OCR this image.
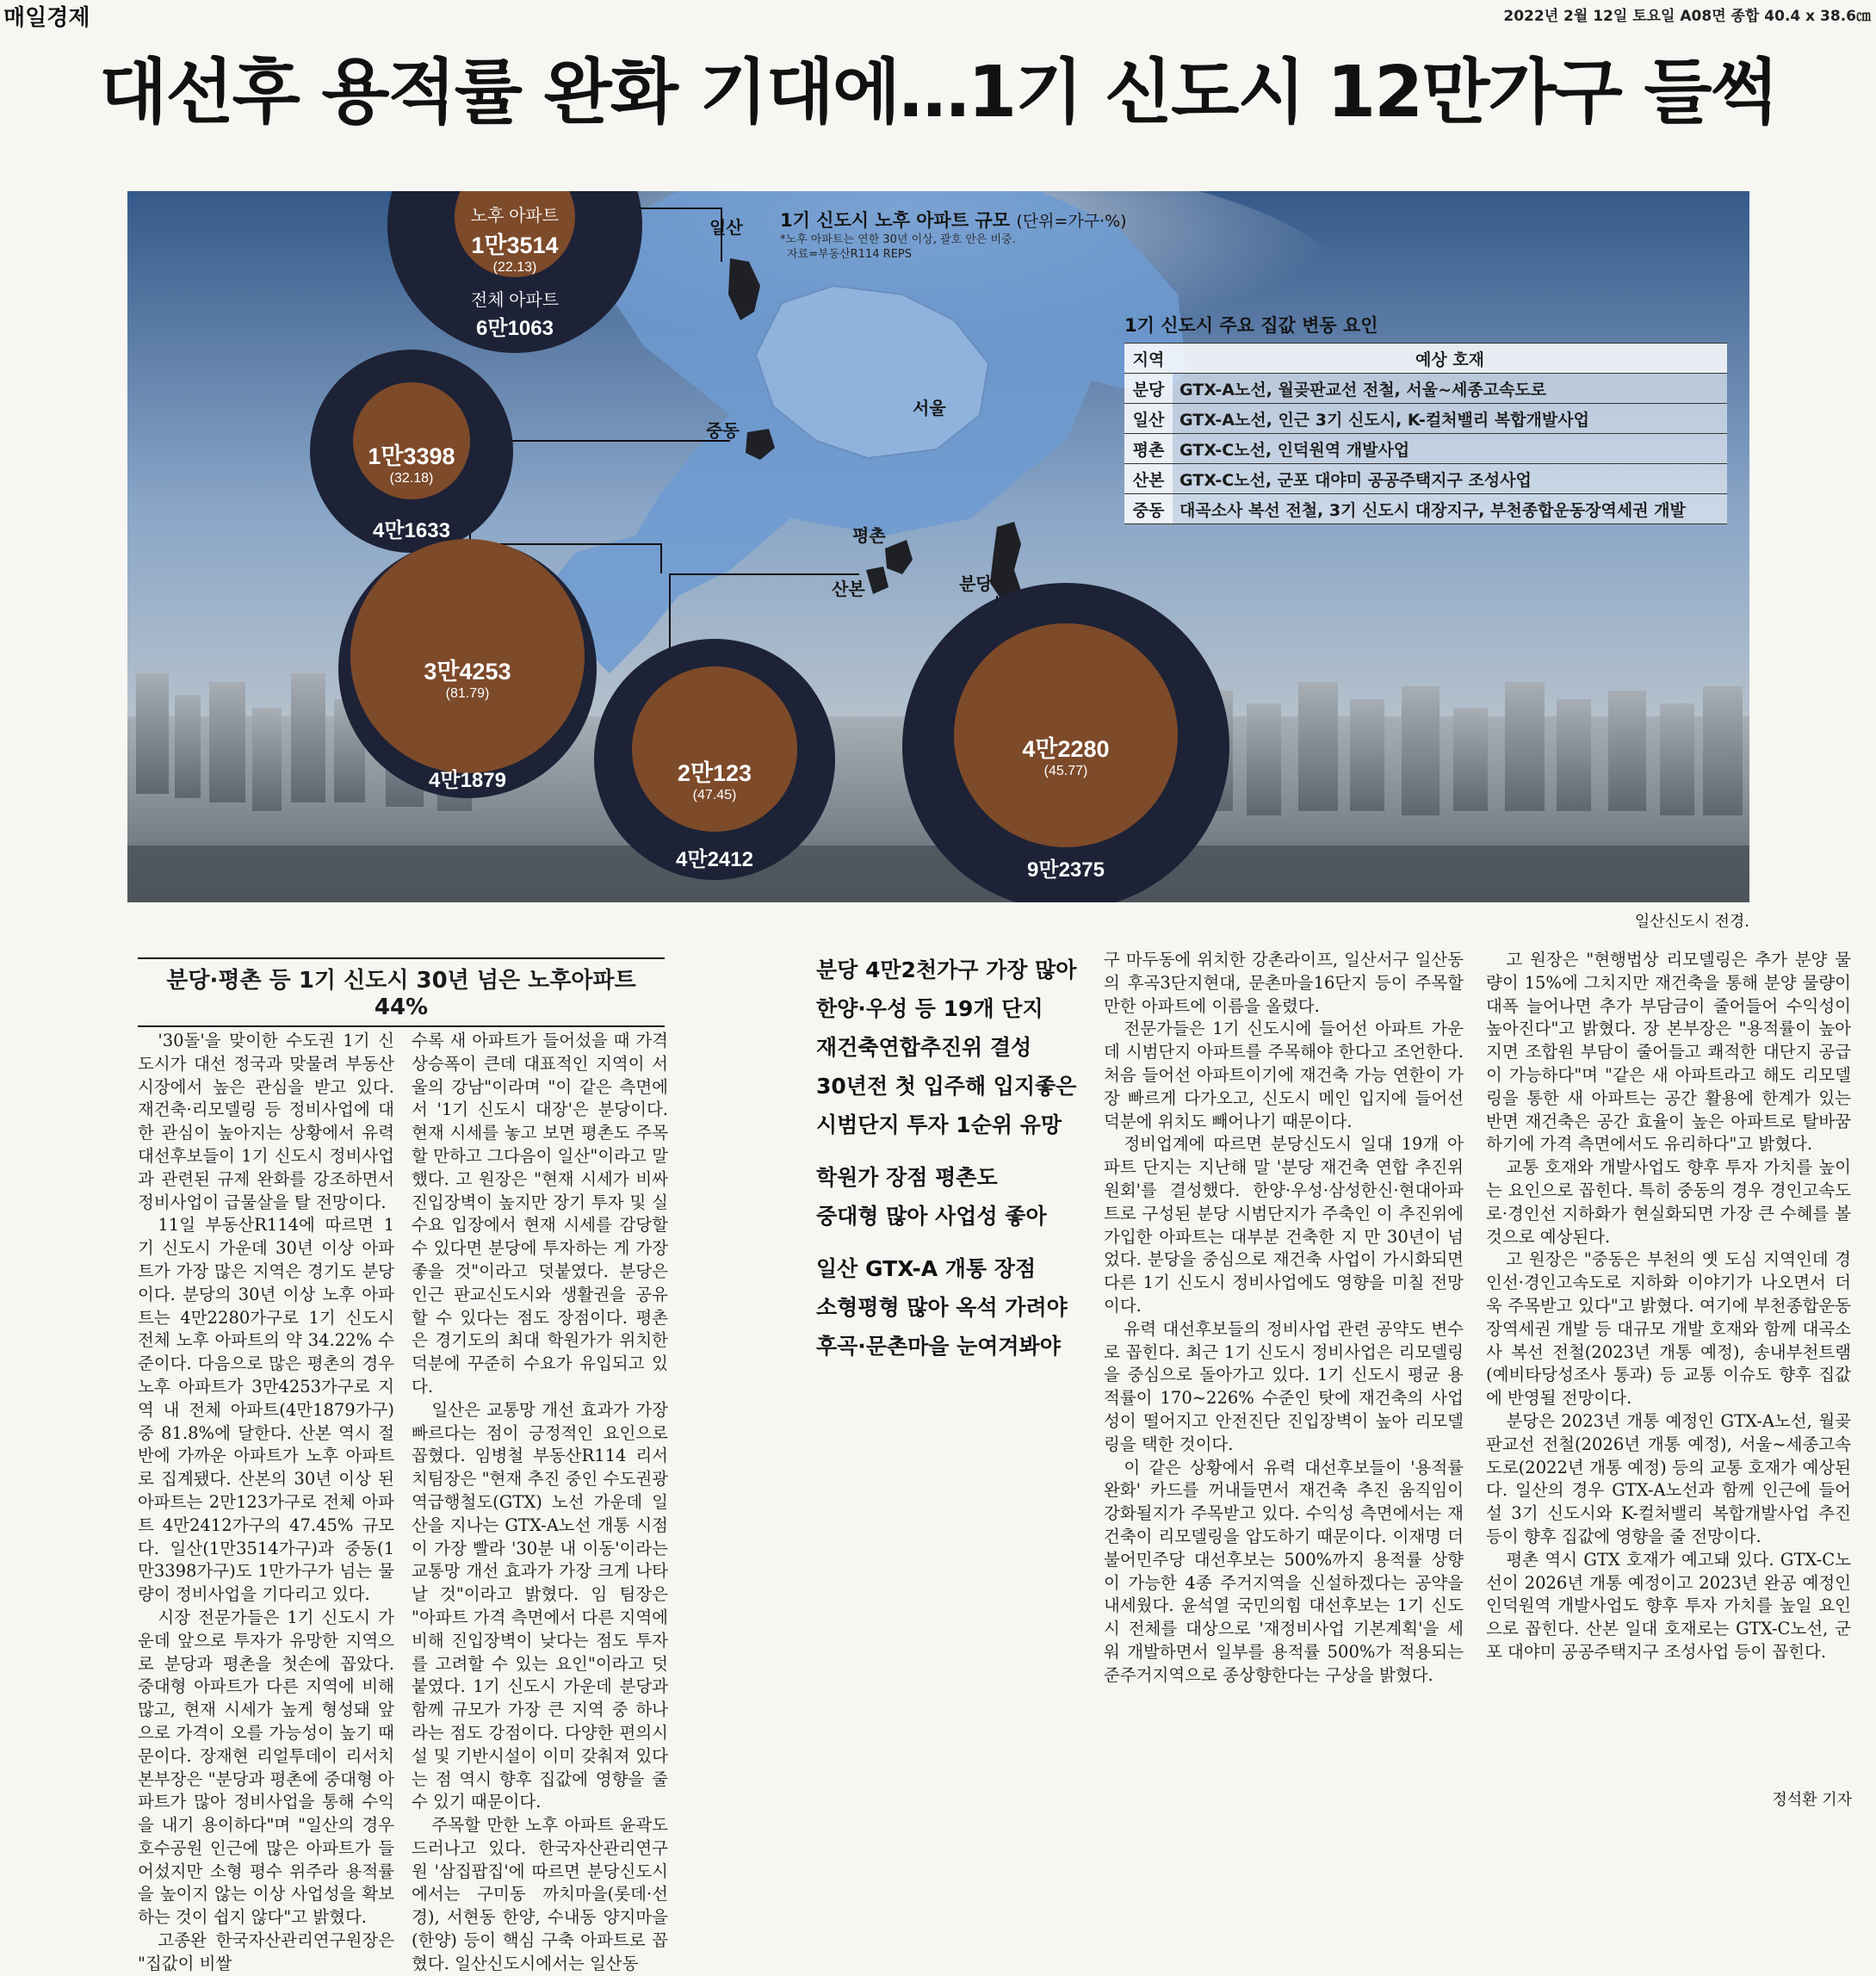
매일경제	2022년 2월 12일 토요일 A08면 종합 40.4 x 38.6㎝
대선후 용적률 완화 기대에…1기 신도시 12만가구 들썩
노후 아파트
1만3514
(22.13)
전체 아파트
6만1063
1만3398
(32.18)
4만1633
3만4253
(81.79)
4만1879	2만123
(47.45)
4만2412
4만2280
(45.77)
9만2375
일산
중동
서울
평촌
산본	분당
1기 신도시 노후 아파트 규모 (단위=가구·%)
*노후 아파트는 연한 30년 이상, 괄호 안은 비중.
자료=부동산R114 REPS
1기 신도시 주요 집값 변동 요인
지역	예상 호재
분당	GTX-A노선, 월곶판교선 전철, 서울~세종고속도로
일산	GTX-A노선, 인근 3기 신도시, K-컬처밸리 복합개발사업
평촌	GTX-C노선, 인덕원역 개발사업
산본	GTX-C노선, 군포 대야미 공공주택지구 조성사업
중동	대곡소사 복선 전철, 3기 신도시 대장지구, 부천종합운동장역세권 개발
일산신도시 전경.
분당·평촌 등 1기 신도시 30년 넘은 노후아파트 44%

'30돌'을 맞이한 수도권 1기 신도시가 대선 정국과 맞물려 부동산 시장에서 높은 관심을 받고 있다. 재건축·리모델링 등 정비사업에 대한 관심이 높아지는 상황에서 유력 대선후보들이 1기 신도시 정비사업과 관련된 규제 완화를 강조하면서 정비사업이 급물살을 탈 전망이다.

11일 부동산R114에 따르면 1기 신도시 가운데 30년 이상 아파트가 가장 많은 지역은 경기도 분당이다. 분당의 30년 이상 노후 아파트는 4만2280가구로 1기 신도시 전체 노후 아파트의 약 34.22% 수준이다. 다음으로 많은 평촌의 경우 노후 아파트가 3만4253가구로 지역 내 전체 아파트(4만1879가구) 중 81.8%에 달한다. 산본 역시 절반에 가까운 아파트가 노후 아파트로 집계됐다. 산본의 30년 이상 된 아파트는 2만123가구로 전체 아파트 4만2412가구의 47.45% 규모다. 일산(1만3514가구)과 중동(1만3398가구)도 1만가구가 넘는 물량이 정비사업을 기다리고 있다.

시장 전문가들은 1기 신도시 가운데 앞으로 투자가 유망한 지역으로 분당과 평촌을 첫손에 꼽았다. 중대형 아파트가 다른 지역에 비해 많고, 현재 시세가 높게 형성돼 앞으로 가격이 오를 가능성이 높기 때문이다. 장재현 리얼투데이 리서치본부장은 "분당과 평촌에 중대형 아파트가 많아 정비사업을 통해 수익을 내기 용이하다"며 "일산의 경우 호수공원 인근에 많은 아파트가 들어섰지만 소형 평수 위주라 용적률을 높이지 않는 이상 사업성을 확보하는 것이 쉽지 않다"고 밝혔다.

고종완 한국자산관리연구원장은 "집값이 비쌀

수록 새 아파트가 들어섰을 때 가격 상승폭이 큰데 대표적인 지역이 서울의 강남"이라며 "이 같은 측면에서 '1기 신도시 대장'은 분당이다. 현재 시세를 놓고 보면 평촌도 주목할 만하고 그다음이 일산"이라고 말했다. 고 원장은 "현재 시세가 비싸 진입장벽이 높지만 장기 투자 및 실수요 입장에서 현재 시세를 감당할 수 있다면 분당에 투자하는 게 가장 좋을 것"이라고 덧붙였다. 분당은 인근 판교신도시와 생활권을 공유할 수 있다는 점도 장점이다. 평촌은 경기도의 최대 학원가가 위치한 덕분에 꾸준히 수요가 유입되고 있다.

일산은 교통망 개선 효과가 가장 빠르다는 점이 긍정적인 요인으로 꼽혔다. 임병철 부동산R114 리서치팀장은 "현재 추진 중인 수도권광역급행철도(GTX) 노선 가운데 일산을 지나는 GTX-A노선 개통 시점이 가장 빨라 '30분 내 이동'이라는 교통망 개선 효과가 가장 크게 나타날 것"이라고 밝혔다. 임 팀장은 "아파트 가격 측면에서 다른 지역에 비해 진입장벽이 낮다는 점도 투자를 고려할 수 있는 요인"이라고 덧붙였다. 1기 신도시 가운데 분당과 함께 규모가 가장 큰 지역 중 하나라는 점도 강점이다. 다양한 편의시설 및 기반시설이 이미 갖춰져 있다는 점 역시 향후 집값에 영향을 줄 수 있기 때문이다.

주목할 만한 노후 아파트 윤곽도 드러나고 있다. 한국자산관리연구원 '삼집팝집'에 따르면 분당신도시에서는 구미동 까치마을(롯데·선경), 서현동 한양, 수내동 양지마을(한양) 등이 핵심 구축 아파트로 꼽혔다. 일산신도시에서는 일산동

분당 4만2천가구 가장 많아
한양·우성 등 19개 단지
재건축연합추진위 결성
30년전 첫 입주해 입지좋은
시범단지 투자 1순위 유망
학원가 장점 평촌도
중대형 많아 사업성 좋아
일산 GTX-A 개통 장점
소형평형 많아 옥석 가려야
후곡·문촌마을 눈여겨봐야

구 마두동에 위치한 강촌라이프, 일산서구 일산동의 후곡3단지현대, 문촌마을16단지 등이 주목할 만한 아파트에 이름을 올렸다.

전문가들은 1기 신도시에 들어선 아파트 가운데 시범단지 아파트를 주목해야 한다고 조언한다. 처음 들어선 아파트이기에 재건축 가능 연한이 가장 빠르게 다가오고, 신도시 메인 입지에 들어선 덕분에 위치도 빼어나기 때문이다.

정비업계에 따르면 분당신도시 일대 19개 아파트 단지는 지난해 말 '분당 재건축 연합 추진위원회'를 결성했다. 한양·우성·삼성한신·현대아파트로 구성된 분당 시범단지가 주축인 이 추진위에 가입한 아파트는 대부분 건축한 지 만 30년이 넘었다. 분당을 중심으로 재건축 사업이 가시화되면 다른 1기 신도시 정비사업에도 영향을 미칠 전망이다.

유력 대선후보들의 정비사업 관련 공약도 변수로 꼽힌다. 최근 1기 신도시 정비사업은 리모델링을 중심으로 돌아가고 있다. 1기 신도시 평균 용적률이 170~226% 수준인 탓에 재건축의 사업성이 떨어지고 안전진단 진입장벽이 높아 리모델링을 택한 것이다.

이 같은 상황에서 유력 대선후보들이 '용적률 완화' 카드를 꺼내들면서 재건축 추진 움직임이 강화될지가 주목받고 있다. 수익성 측면에서는 재건축이 리모델링을 압도하기 때문이다. 이재명 더불어민주당 대선후보는 500%까지 용적률 상향이 가능한 4종 주거지역을 신설하겠다는 공약을 내세웠다. 윤석열 국민의힘 대선후보는 1기 신도시 전체를 대상으로 '재정비사업 기본계획'을 세워 개발하면서 일부를 용적률 500%가 적용되는 준주거지역으로 종상향한다는 구상을 밝혔다.

고 원장은 "현행법상 리모델링은 추가 분양 물량이 15%에 그치지만 재건축을 통해 분양 물량이 대폭 늘어나면 추가 부담금이 줄어들어 수익성이 높아진다"고 밝혔다. 장 본부장은 "용적률이 높아지면 조합원 부담이 줄어들고 쾌적한 대단지 공급이 가능하다"며 "같은 새 아파트라고 해도 리모델링을 통한 새 아파트는 공간 활용에 한계가 있는 반면 재건축은 공간 효율이 높은 아파트로 탈바꿈하기에 가격 측면에서도 유리하다"고 밝혔다.

교통 호재와 개발사업도 향후 투자 가치를 높이는 요인으로 꼽힌다. 특히 중동의 경우 경인고속도로·경인선 지하화가 현실화되면 가장 큰 수혜를 볼 것으로 예상된다.

고 원장은 "중동은 부천의 옛 도심 지역인데 경인선·경인고속도로 지하화 이야기가 나오면서 더욱 주목받고 있다"고 밝혔다. 여기에 부천종합운동장역세권 개발 등 대규모 개발 호재와 함께 대곡소사 복선 전철(2023년 개통 예정), 송내부천트램(예비타당성조사 통과) 등 교통 이슈도 향후 집값에 반영될 전망이다.

분당은 2023년 개통 예정인 GTX-A노선, 월곶판교선 전철(2026년 개통 예정), 서울~세종고속도로(2022년 개통 예정) 등의 교통 호재가 예상된다. 일산의 경우 GTX-A노선과 함께 인근에 들어설 3기 신도시와 K-컬처밸리 복합개발사업 추진 등이 향후 집값에 영향을 줄 전망이다.

평촌 역시 GTX 호재가 예고돼 있다. GTX-C노선이 2026년 개통 예정이고 2023년 완공 예정인 인덕원역 개발사업도 향후 투자 가치를 높일 요인으로 꼽힌다. 산본 일대 호재로는 GTX-C노선, 군포 대야미 공공주택지구 조성사업 등이 꼽힌다.

정석환 기자
